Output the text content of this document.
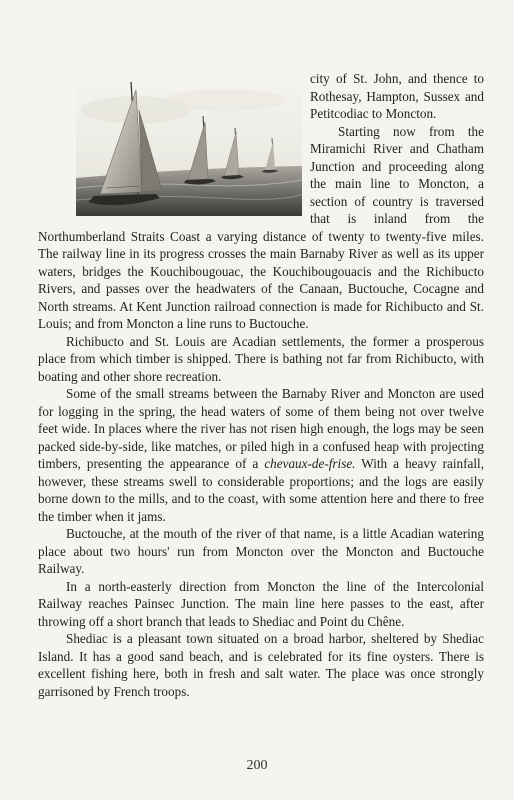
city of St. John, and thence to Rothesay, Hampton, Sussex and Petitcodiac to Moncton.

Starting now from the Miramichi River and Chatham Junction and proceeding along the main line to Moncton, a section of country is traversed that is inland from the Northumberland Straits Coast a varying distance of twenty to twenty-five miles. The railway line in its progress crosses the main Barnaby River as well as its upper waters, bridges the Kouchibougouac, the Kouchibougouacis and the Richibucto Rivers, and passes over the headwaters of the Canaan, Buctouche, Cocagne and North streams. At Kent Junction railroad connection is made for Richibucto and St. Louis; and from Moncton a line runs to Buctouche.

Richibucto and St. Louis are Acadian settlements, the former a prosperous place from which timber is shipped. There is bathing not far from Richibucto, with boating and other shore recreation.

Some of the small streams between the Barnaby River and Moncton are used for logging in the spring, the head waters of some of them being not over twelve feet wide. In places where the river has not risen high enough, the logs may be seen packed side-by-side, like matches, or piled high in a confused heap with projecting timbers, presenting the appearance of a chevaux-de-frise. With a heavy rainfall, however, these streams swell to considerable proportions; and the logs are easily borne down to the mills, and to the coast, with some attention here and there to free the timber when it jams.

Buctouche, at the mouth of the river of that name, is a little Acadian watering place about two hours' run from Moncton over the Moncton and Buctouche Railway.

In a north-easterly direction from Moncton the line of the Intercolonial Railway reaches Painsec Junction. The main line here passes to the east, after throwing off a short branch that leads to Shediac and Point du Chêne.

Shediac is a pleasant town situated on a broad harbor, sheltered by Shediac Island. It has a good sand beach, and is celebrated for its fine oysters. There is excellent fishing here, both in fresh and salt water. The place was once strongly garrisoned by French troops.

200
